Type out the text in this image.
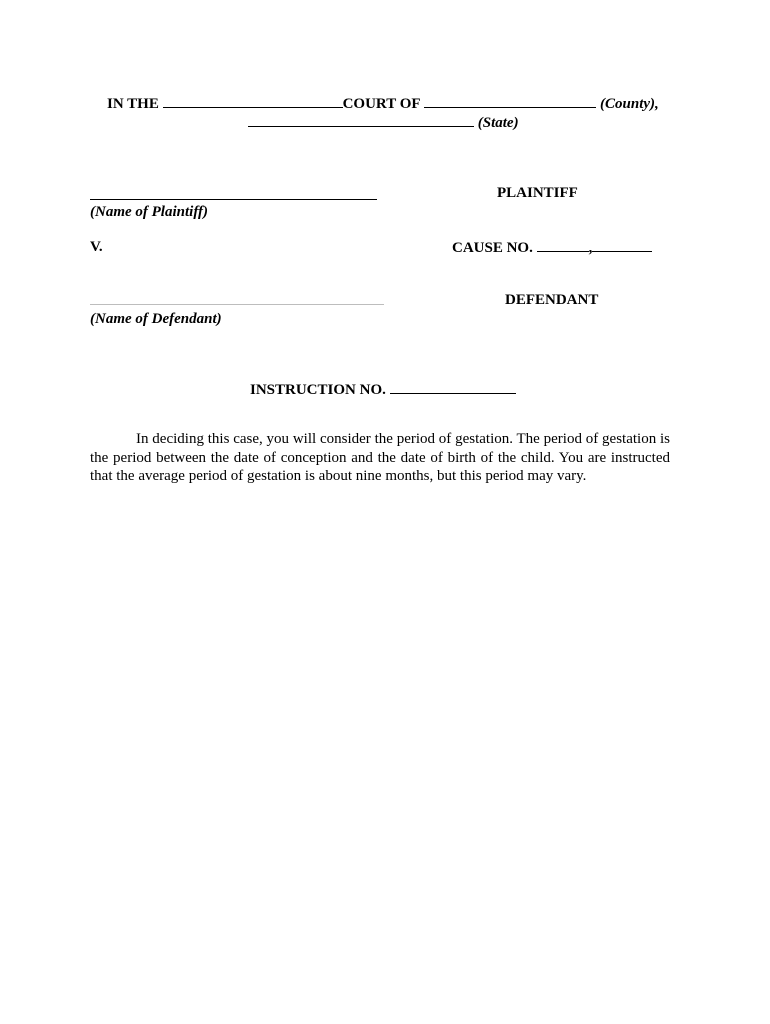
IN THE	COURT OF	(County),
(State)
PLAINTIFF
(Name of Plaintiff)
V.	CAUSE NO.	,
DEFENDANT
(Name of Defendant)
INSTRUCTION NO.

In deciding this case, you will consider the period of gestation. The period of gestation is the period between the date of conception and the date of birth of the child. You are instructed that the average period of gestation is about nine months, but this period may vary.
